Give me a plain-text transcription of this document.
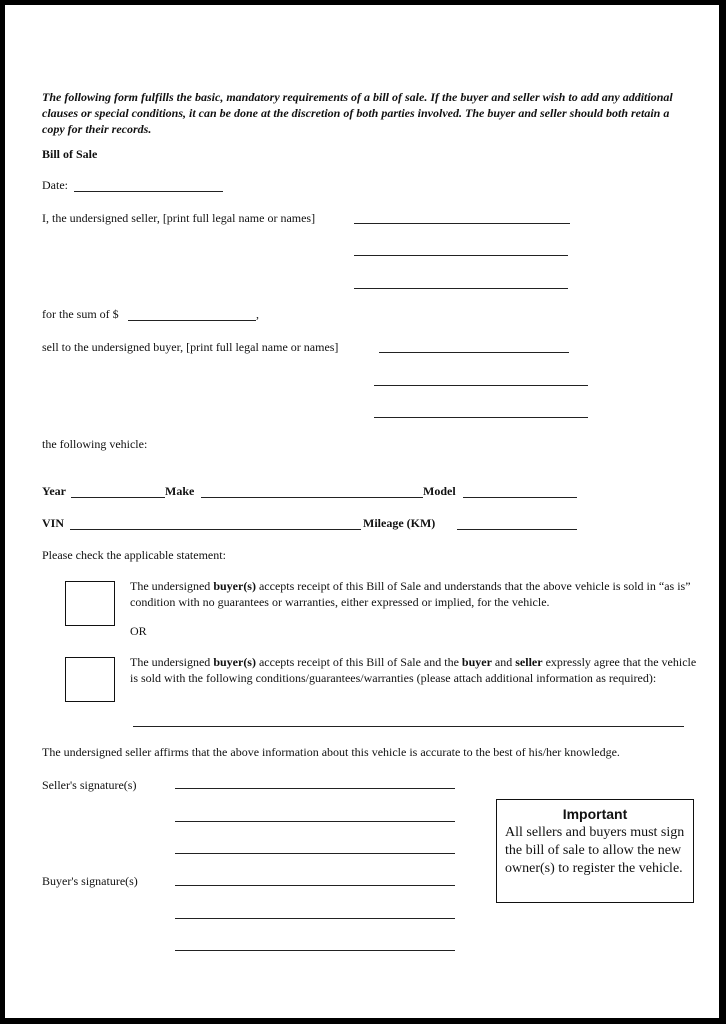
The following form fulfills the basic, mandatory requirements of a bill of sale. If the buyer and seller wish to add any additional clauses or special conditions, it can be done at the discretion of both parties involved. The buyer and seller should both retain a copy for their records.
Bill of Sale
Date:
I, the undersigned seller, [print full legal name or names]
for the sum of $	,
sell to the undersigned buyer, [print full legal name or names]
the following vehicle:
Year	Make	Model
VIN	Mileage (KM)
Please check the applicable statement:
The undersigned buyer(s) accepts receipt of this Bill of Sale and understands that the above vehicle is sold in “as is” condition with no guarantees or warranties, either expressed or implied, for the vehicle.
OR
The undersigned buyer(s) accepts receipt of this Bill of Sale and the buyer and seller expressly agree that the vehicle is sold with the following conditions/guarantees/warranties (please attach additional information as required):
The undersigned seller affirms that the above information about this vehicle is accurate to the best of his/her knowledge.
Seller's signature(s)
Buyer's signature(s)
Important
All sellers and buyers must sign the bill of sale to allow the new owner(s) to register the vehicle.
